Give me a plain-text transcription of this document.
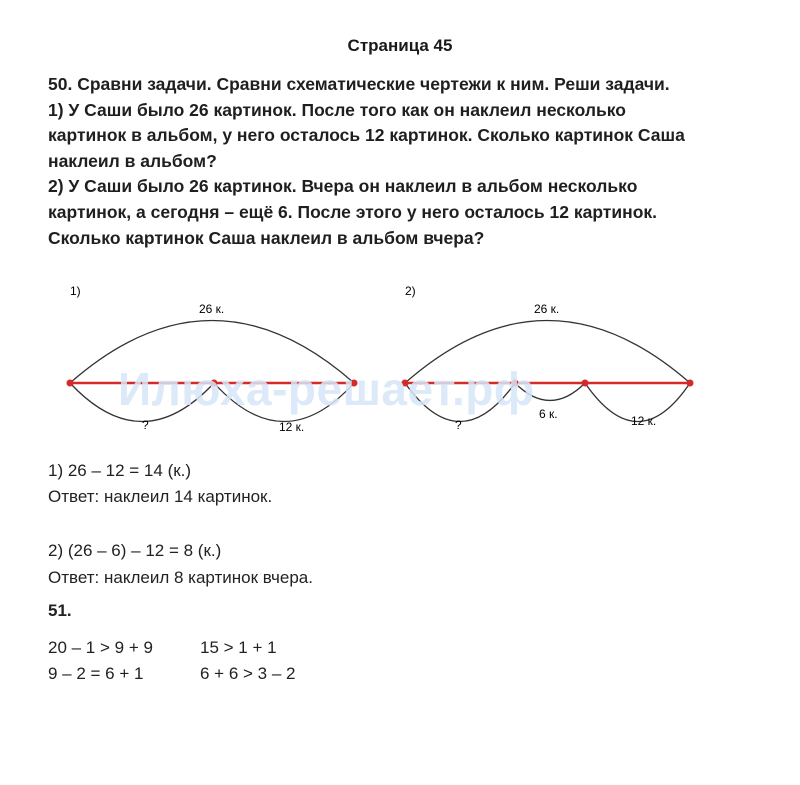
Страница 45
50. Сравни задачи. Сравни схематические чертежи к ним. Реши задачи.
1) У Саши было 26 картинок. После того как он наклеил несколько
картинок в альбом, у него осталось 12 картинок. Сколько картинок Саша
наклеил в альбом?
2) У Саши было 26 картинок. Вчера он наклеил в альбом несколько
картинок, а сегодня – ещё 6. После этого у него осталось 12 картинок.
Сколько картинок Саша наклеил в альбом вчера?
1)
26 к.
?	12 к.
2)
26 к.
?
6 к.	12 к.
Илюха-решает.рф
1) 26 – 12 = 14 (к.)
Ответ: наклеил 14 картинок.
2) (26 – 6) – 12 = 8 (к.)
Ответ: наклеил 8 картинок вчера.
51.
20 – 1 > 9 + 9	15 > 1 + 1
9 – 2 = 6 + 1	6 + 6 > 3 – 2
